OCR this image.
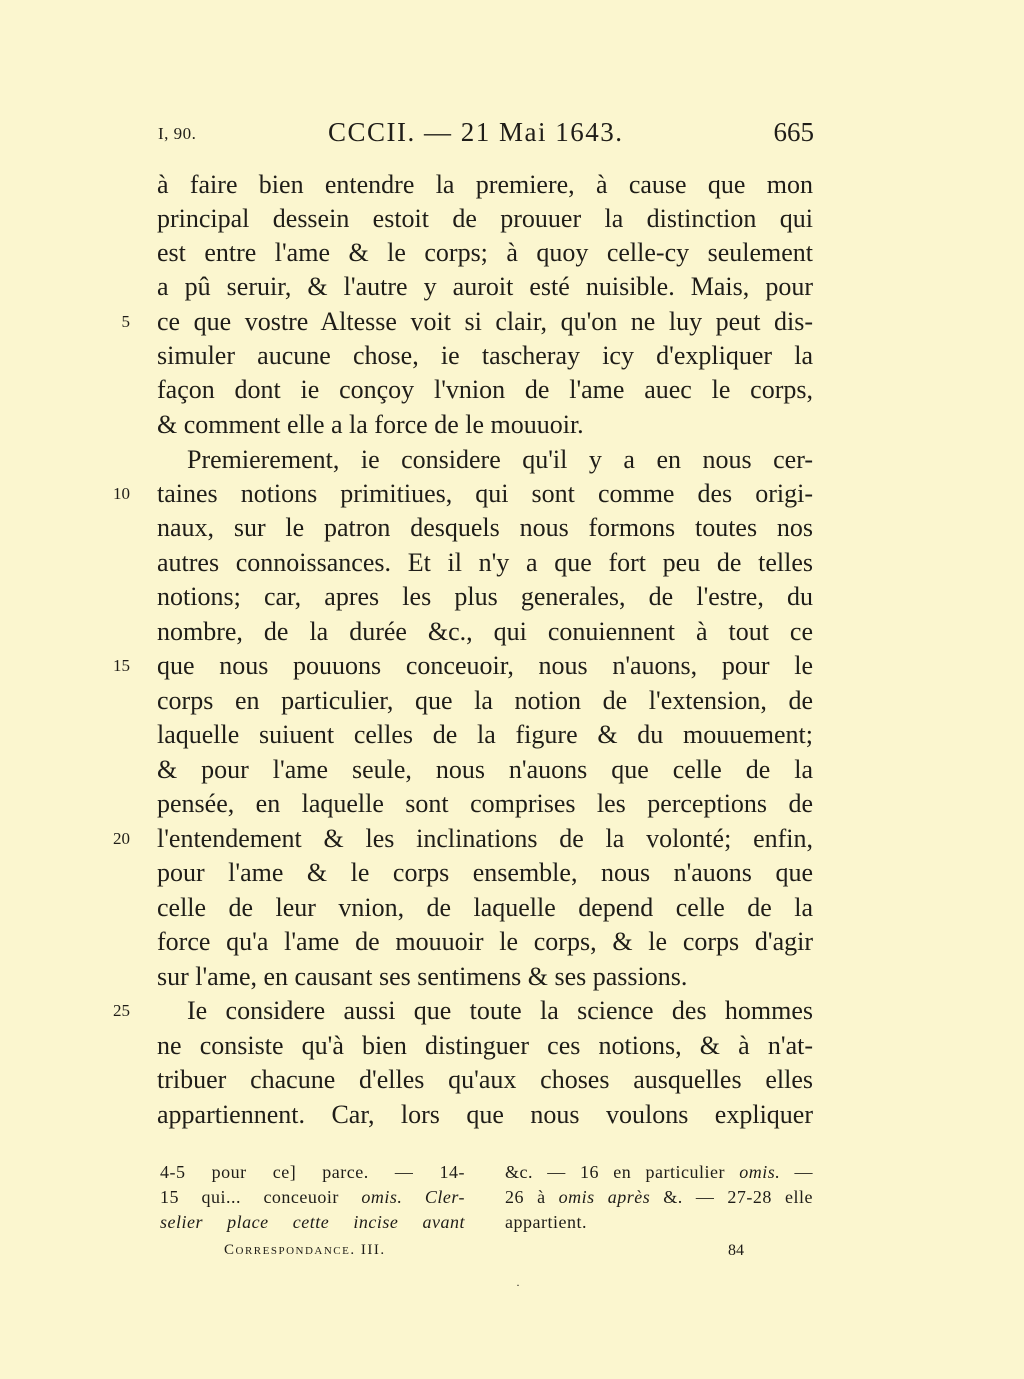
I, 90.	CCCII. — 21 Mai 1643.	665
à faire bien entendre la premiere, à cause que mon
principal dessein estoit de prouuer la distinction qui
est entre l'ame & le corps; à quoy celle-cy seulement
a pû seruir, & l'autre y auroit esté nuisible. Mais, pour
ce que vostre Altesse voit si clair, qu'on ne luy peut dis-
simuler aucune chose, ie tascheray icy d'expliquer la
façon dont ie conçoy l'vnion de l'ame auec le corps,
& comment elle a la force de le mouuoir.
Premierement, ie considere qu'il y a en nous cer-
taines notions primitiues, qui sont comme des origi-
naux, sur le patron desquels nous formons toutes nos
autres connoissances. Et il n'y a que fort peu de telles
notions; car, apres les plus generales, de l'estre, du
nombre, de la durée &c., qui conuiennent à tout ce
que nous pouuons conceuoir, nous n'auons, pour le
corps en particulier, que la notion de l'extension, de
laquelle suiuent celles de la figure & du mouuement;
& pour l'ame seule, nous n'auons que celle de la
pensée, en laquelle sont comprises les perceptions de
l'entendement & les inclinations de la volonté; enfin,
pour l'ame & le corps ensemble, nous n'auons que
celle de leur vnion, de laquelle depend celle de la
force qu'a l'ame de mouuoir le corps, & le corps d'agir
sur l'ame, en causant ses sentimens & ses passions.
Ie considere aussi que toute la science des hommes
ne consiste qu'à bien distinguer ces notions, & à n'at-
tribuer chacune d'elles qu'aux choses ausquelles elles
appartiennent. Car, lors que nous voulons expliquer
5
10
15
20
25
4-5 pour ce] parce. — 14-
15 qui... conceuoir omis. Cler-
selier place cette incise avant
&c. — 16 en particulier omis. —
26 à omis après &. — 27-28 elle
appartient.
Correspondance. III.	84
·
